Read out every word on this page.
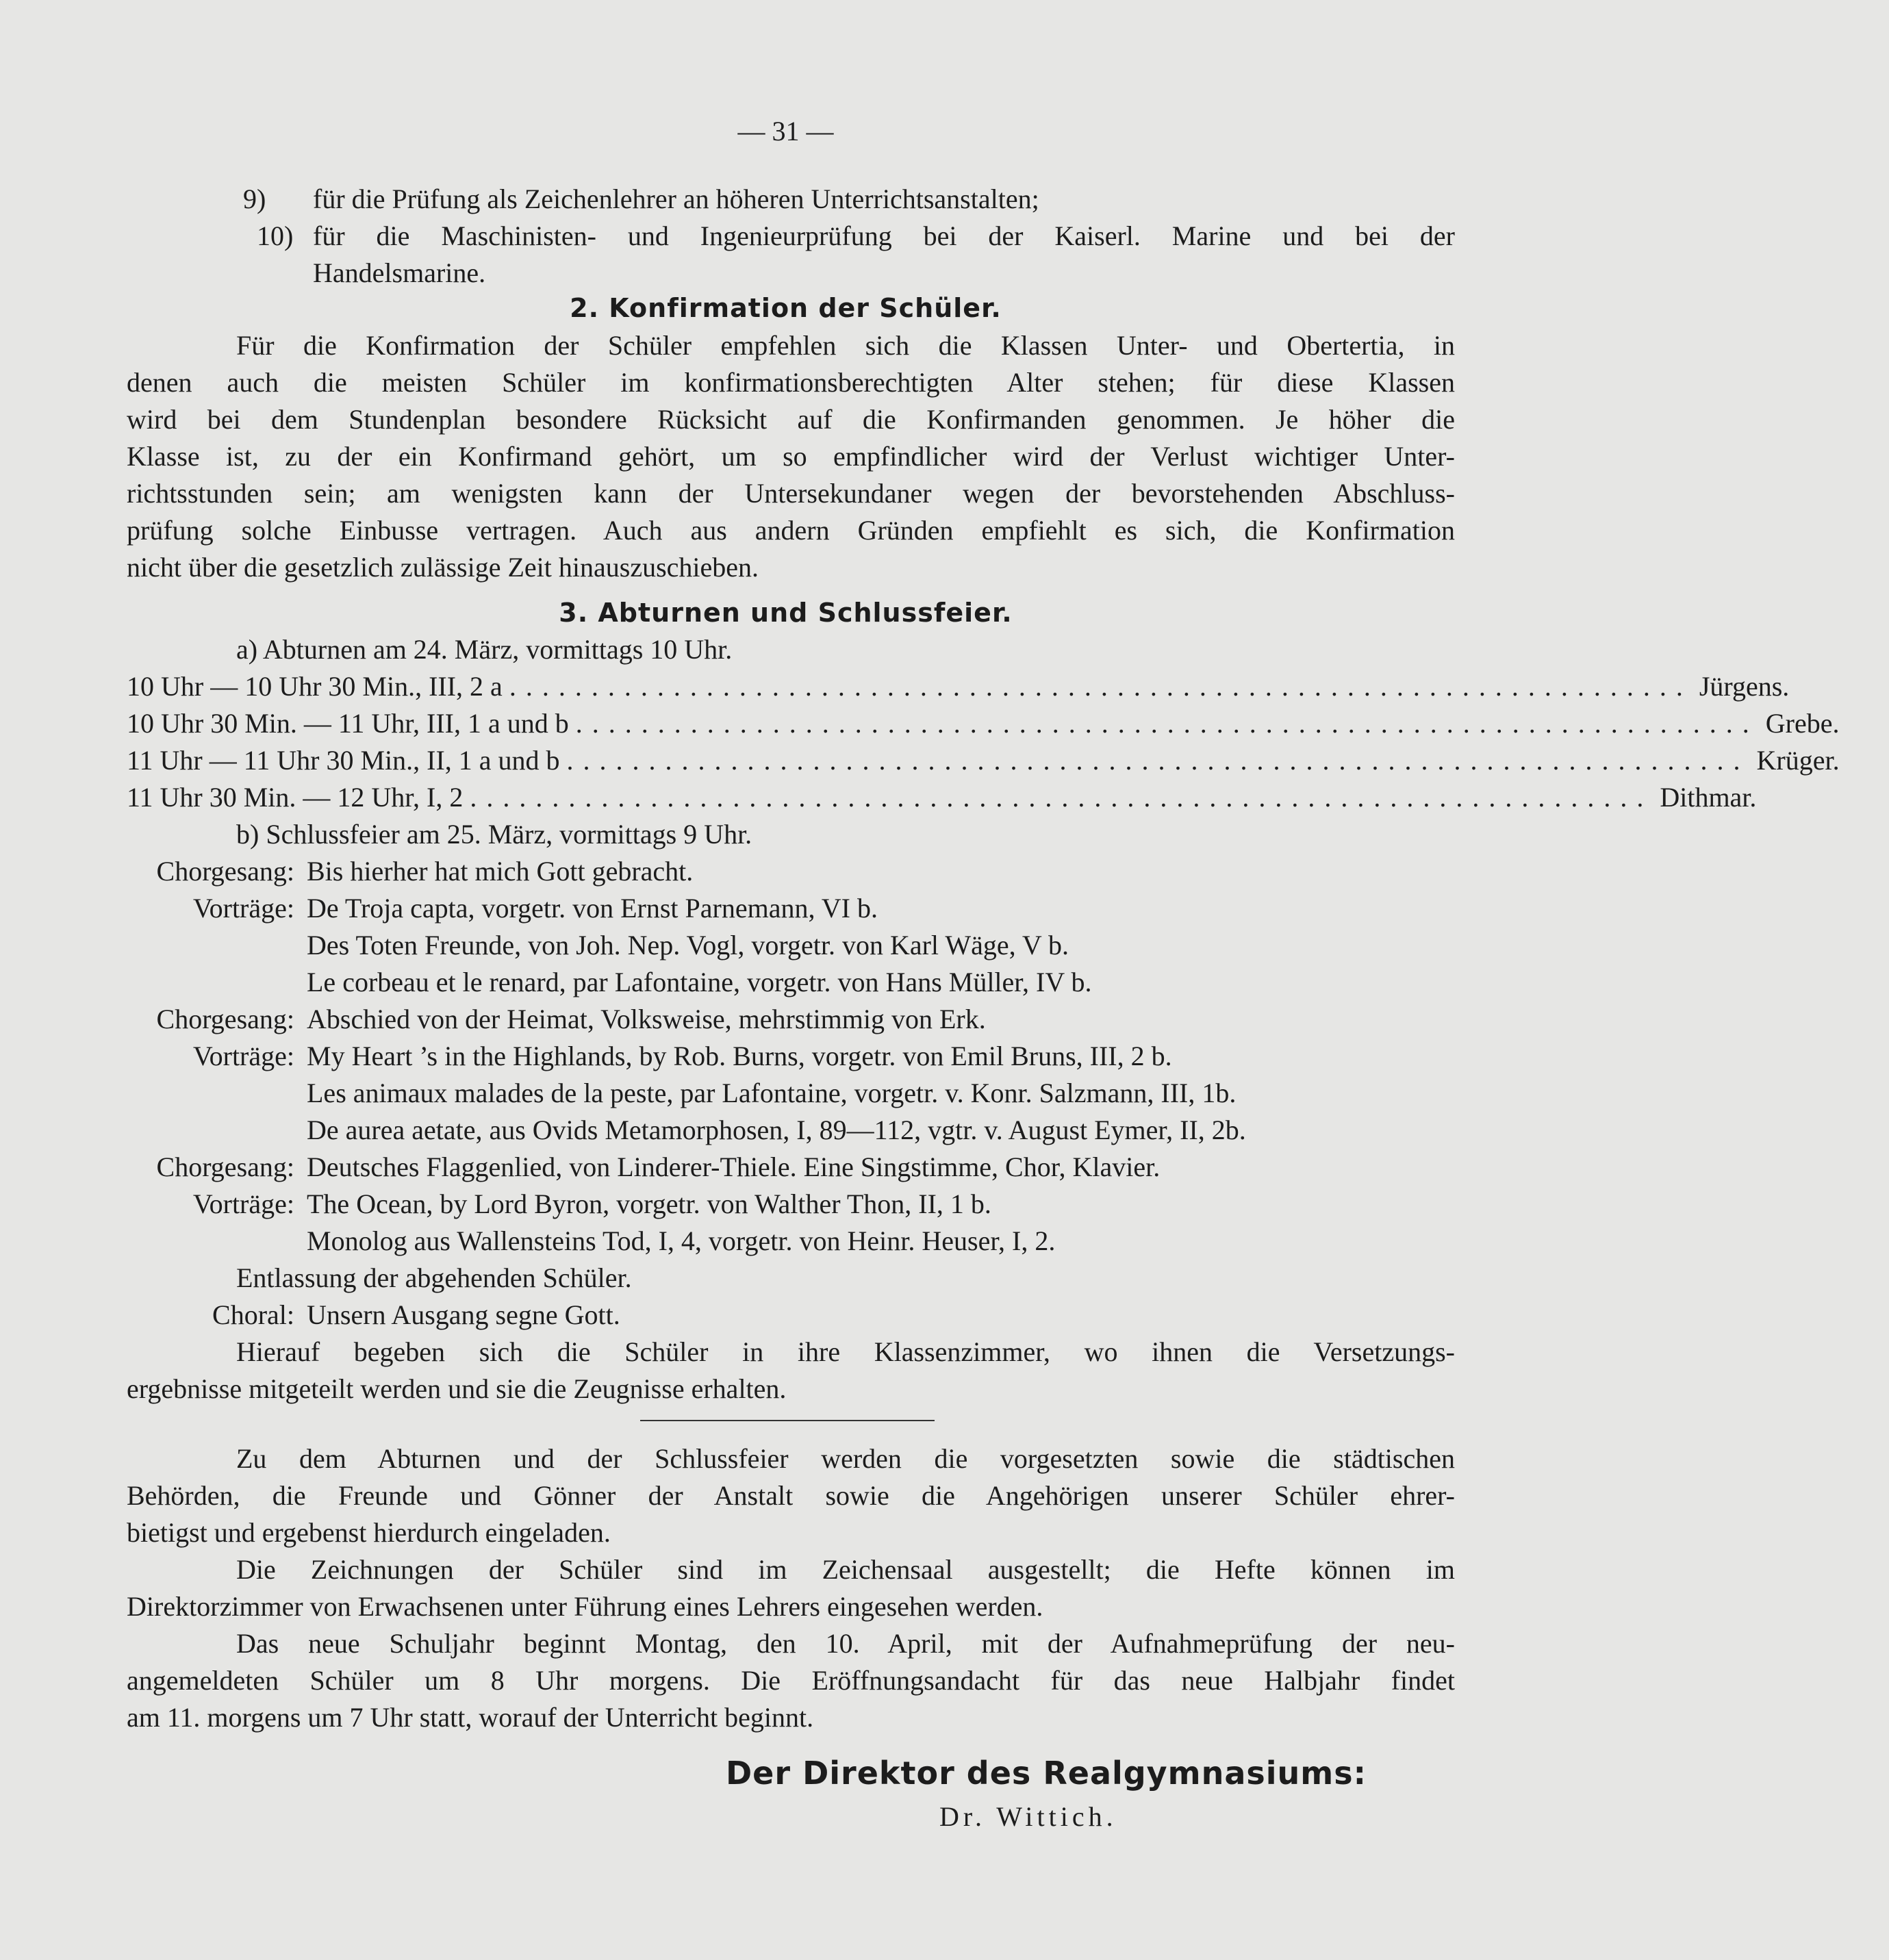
— 31 —
9) für die Prüfung als Zeichenlehrer an höheren Unterrichtsanstalten;
10) für die Maschinisten- und Ingenieurprüfung bei der Kaiserl. Marine und bei der
Handelsmarine.
2. Konfirmation der Schüler.
Für die Konfirmation der Schüler empfehlen sich die Klassen Unter- und Obertertia, in
denen auch die meisten Schüler im konfirmationsberechtigten Alter stehen; für diese Klassen
wird bei dem Stundenplan besondere Rücksicht auf die Konfirmanden genommen. Je höher die
Klasse ist, zu der ein Konfirmand gehört, um so empfindlicher wird der Verlust wichtiger Unter-
richtsstunden sein; am wenigsten kann der Untersekundaner wegen der bevorstehenden Abschluss-
prüfung solche Einbusse vertragen. Auch aus andern Gründen empfiehlt es sich, die Konfirmation
nicht über die gesetzlich zulässige Zeit hinauszuschieben.
3. Abturnen und Schlussfeier.
a) Abturnen am 24. März, vormittags 10 Uhr.
10 Uhr — 10 Uhr 30 Min., III, 2 a ........................................................................ Jürgens.
10 Uhr 30 Min. — 11 Uhr, III, 1 a und b ........................................................................ Grebe.
11 Uhr — 11 Uhr 30 Min., II, 1 a und b ........................................................................ Krüger.
11 Uhr 30 Min. — 12 Uhr, I, 2 ........................................................................ Dithmar.
b) Schlussfeier am 25. März, vormittags 9 Uhr.
Chorgesang: Bis hierher hat mich Gott gebracht.
Vorträge: De Troja capta, vorgetr. von Ernst Parnemann, VI b.
Des Toten Freunde, von Joh. Nep. Vogl, vorgetr. von Karl Wäge, V b.
Le corbeau et le renard, par Lafontaine, vorgetr. von Hans Müller, IV b.
Chorgesang: Abschied von der Heimat, Volksweise, mehrstimmig von Erk.
Vorträge: My Heart ’s in the Highlands, by Rob. Burns, vorgetr. von Emil Bruns, III, 2 b.
Les animaux malades de la peste, par Lafontaine, vorgetr. v. Konr. Salzmann, III, 1b.
De aurea aetate, aus Ovids Metamorphosen, I, 89—112, vgtr. v. August Eymer, II, 2b.
Chorgesang: Deutsches Flaggenlied, von Linderer-Thiele. Eine Singstimme, Chor, Klavier.
Vorträge: The Ocean, by Lord Byron, vorgetr. von Walther Thon, II, 1 b.
Monolog aus Wallensteins Tod, I, 4, vorgetr. von Heinr. Heuser, I, 2.
Entlassung der abgehenden Schüler.
Choral: Unsern Ausgang segne Gott.
Hierauf begeben sich die Schüler in ihre Klassenzimmer, wo ihnen die Versetzungs-
ergebnisse mitgeteilt werden und sie die Zeugnisse erhalten.
Zu dem Abturnen und der Schlussfeier werden die vorgesetzten sowie die städtischen
Behörden, die Freunde und Gönner der Anstalt sowie die Angehörigen unserer Schüler ehrer-
bietigst und ergebenst hierdurch eingeladen.
Die Zeichnungen der Schüler sind im Zeichensaal ausgestellt; die Hefte können im
Direktorzimmer von Erwachsenen unter Führung eines Lehrers eingesehen werden.
Das neue Schuljahr beginnt Montag, den 10. April, mit der Aufnahmeprüfung der neu-
angemeldeten Schüler um 8 Uhr morgens. Die Eröffnungsandacht für das neue Halbjahr findet
am 11. morgens um 7 Uhr statt, worauf der Unterricht beginnt.
Der Direktor des Realgymnasiums:
Dr. Wittich.
